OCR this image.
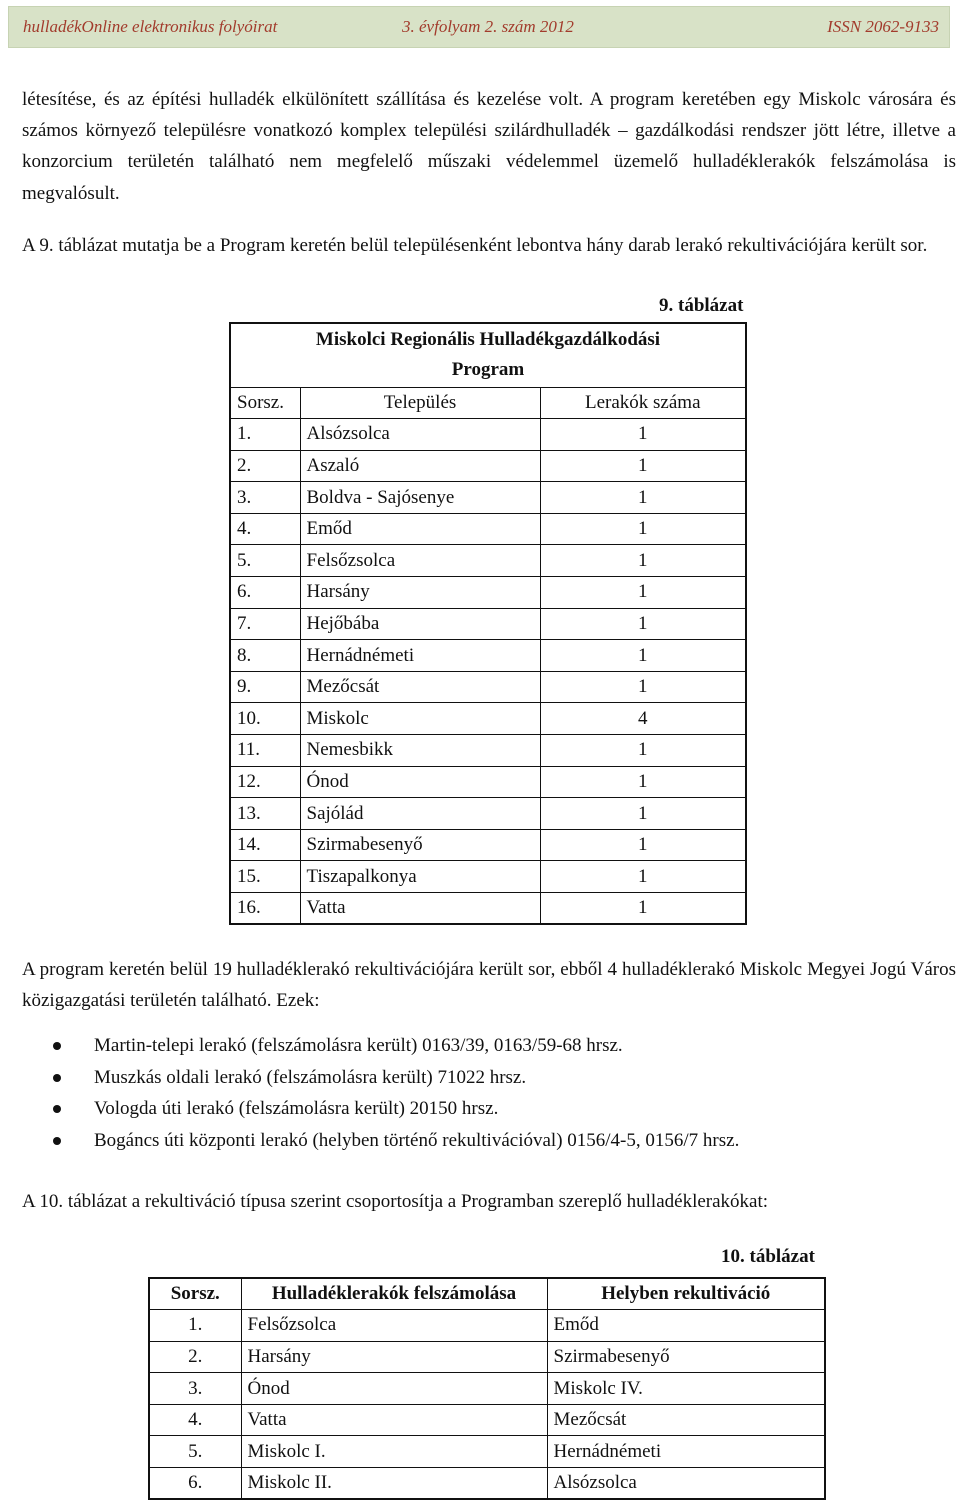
hulladékOnline elektronikus folyóirat	3. évfolyam 2. szám 2012	ISSN 2062-9133

létesítése, és az építési hulladék elkülönített szállítása és kezelése volt. A program keretében egy Miskolc városára és számos környező településre vonatkozó komplex települési szilárdhulladék – gazdálkodási rendszer jött létre, illetve a konzorcium területén található nem megfelelő műszaki védelemmel üzemelő hulladéklerakók felszámolása is megvalósult.

A 9. táblázat mutatja be a Program keretén belül településenként lebontva hány darab lerakó rekultivációjára került sor.

9. táblázat
Miskolci Regionális Hulladékgazdálkodási
Program		
Sorsz.	Település	Lerakók száma
1.	Alsózsolca	1
2.	Aszaló	1
3.	Boldva - Sajósenye	1
4.	Emőd	1
5.	Felsőzsolca	1
6.	Harsány	1
7.	Hejőbába	1
8.	Hernádnémeti	1
9.	Mezőcsát	1
10.	Miskolc	4
11.	Nemesbikk	1
12.	Ónod	1
13.	Sajólád	1
14.	Szirmabesenyő	1
15.	Tiszapalkonya	1
16.	Vatta	1

A program keretén belül 19 hulladéklerakó rekultivációjára került sor, ebből 4 hulladéklerakó Miskolc Megyei Jogú Város közigazgatási területén található. Ezek:

Martin-telepi lerakó (felszámolásra került) 0163/39, 0163/59-68 hrsz.
Muszkás oldali lerakó (felszámolásra került) 71022 hrsz.
Vologda úti lerakó (felszámolásra került) 20150 hrsz.
Bogáncs úti központi lerakó (helyben történő rekultivációval) 0156/4-5, 0156/7 hrsz.

A 10. táblázat a rekultiváció típusa szerint csoportosítja a Programban szereplő hulladéklerakókat:

10. táblázat
Sorsz.	Hulladéklerakók felszámolása	Helyben rekultiváció
1.	Felsőzsolca	Emőd
2.	Harsány	Szirmabesenyő
3.	Ónod	Miskolc IV.
4.	Vatta	Mezőcsát
5.	Miskolc I.	Hernádnémeti
6.	Miskolc II.	Alsózsolca
